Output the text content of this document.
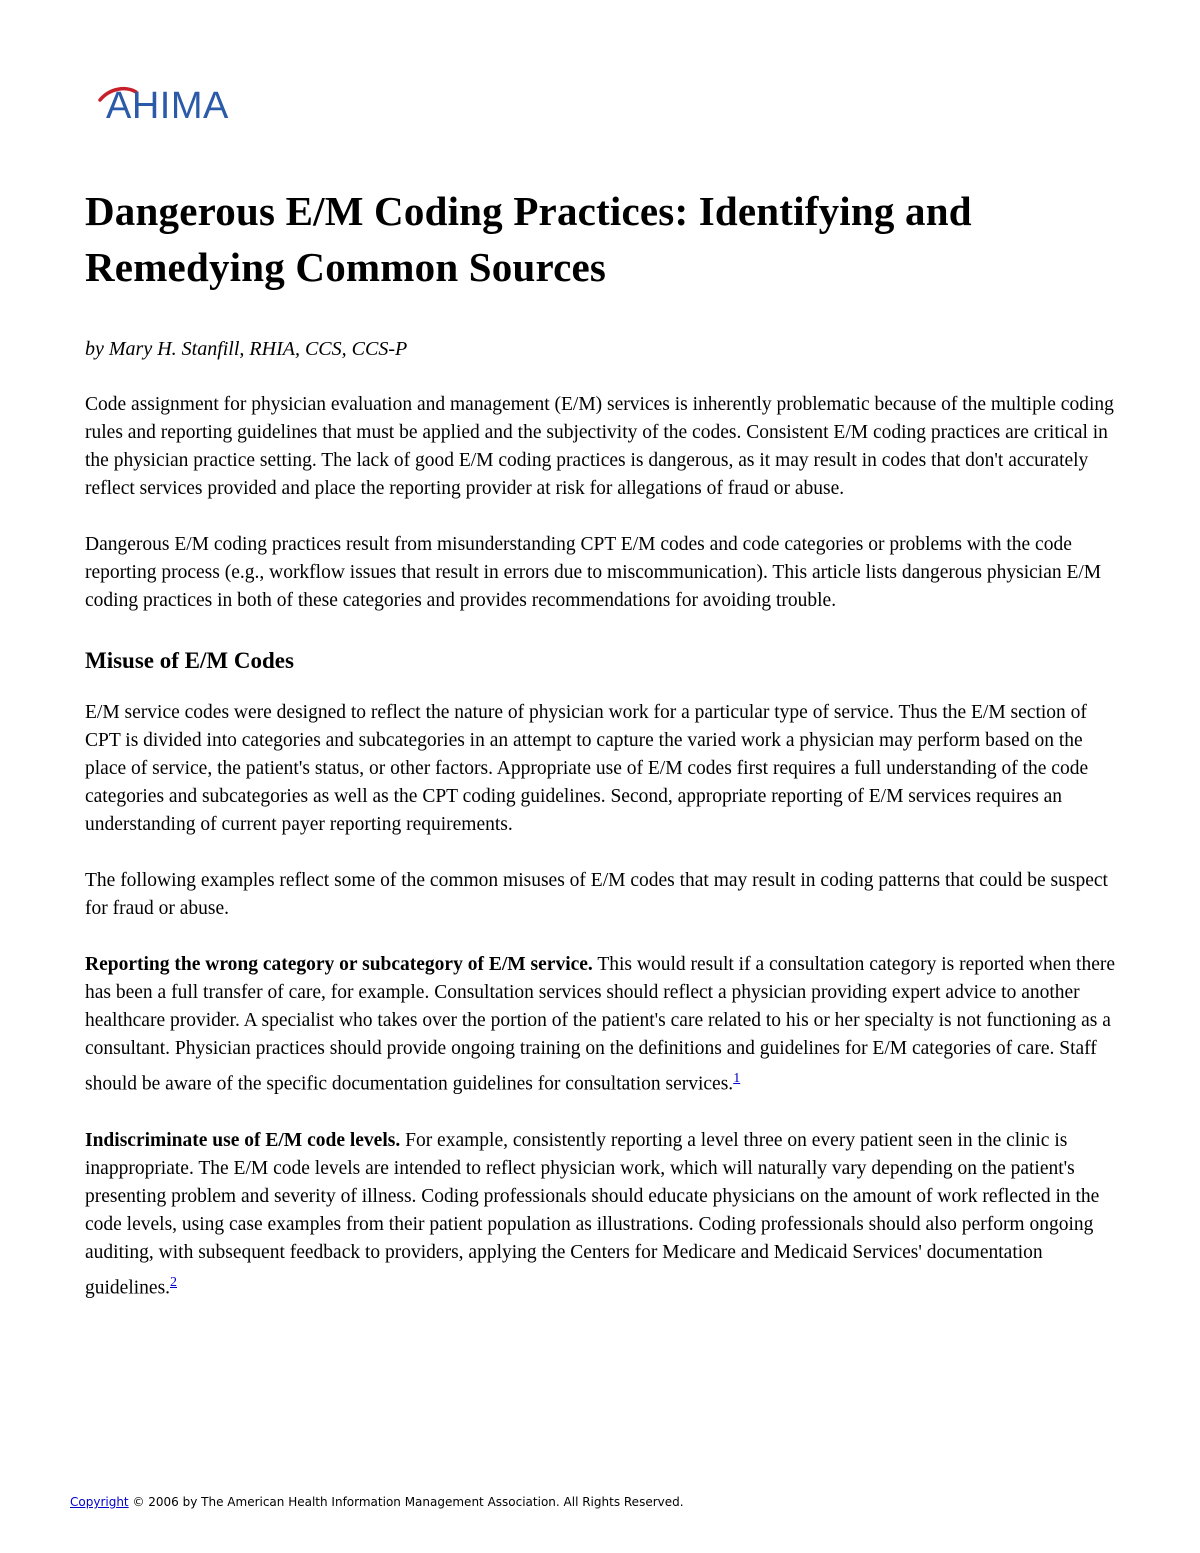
AHIMA
Dangerous E/M Coding Practices: Identifying and Remedying Common Sources
by Mary H. Stanfill, RHIA, CCS, CCS-P

Code assignment for physician evaluation and management (E/M) services is inherently problematic because of the multiple coding rules and reporting guidelines that must be applied and the subjectivity of the codes. Consistent E/M coding practices are critical in the physician practice setting. The lack of good E/M coding practices is dangerous, as it may result in codes that don't accurately reflect services provided and place the reporting provider at risk for allegations of fraud or abuse.

Dangerous E/M coding practices result from misunderstanding CPT E/M codes and code categories or problems with the code reporting process (e.g., workflow issues that result in errors due to miscommunication). This article lists dangerous physician E/M coding practices in both of these categories and provides recommendations for avoiding trouble.

Misuse of E/M Codes

E/M service codes were designed to reflect the nature of physician work for a particular type of service. Thus the E/M section of CPT is divided into categories and subcategories in an attempt to capture the varied work a physician may perform based on the place of service, the patient's status, or other factors. Appropriate use of E/M codes first requires a full understanding of the code categories and subcategories as well as the CPT coding guidelines. Second, appropriate reporting of E/M services requires an understanding of current payer reporting requirements.

The following examples reflect some of the common misuses of E/M codes that may result in coding patterns that could be suspect for fraud or abuse.

Reporting the wrong category or subcategory of E/M service. This would result if a consultation category is reported when there has been a full transfer of care, for example. Consultation services should reflect a physician providing expert advice to another healthcare provider. A specialist who takes over the portion of the patient's care related to his or her specialty is not functioning as a consultant. Physician practices should provide ongoing training on the definitions and guidelines for E/M categories of care. Staff should be aware of the specific documentation guidelines for consultation services.$^1$

Indiscriminate use of E/M code levels. For example, consistently reporting a level three on every patient seen in the clinic is inappropriate. The E/M code levels are intended to reflect physician work, which will naturally vary depending on the patient's presenting problem and severity of illness. Coding professionals should educate physicians on the amount of work reflected in the code levels, using case examples from their patient population as illustrations. Coding professionals should also perform ongoing auditing, with subsequent feedback to providers, applying the Centers for Medicare and Medicaid Services' documentation guidelines.$^2$

Copyright © 2006 by The American Health Information Management Association. All Rights Reserved.
